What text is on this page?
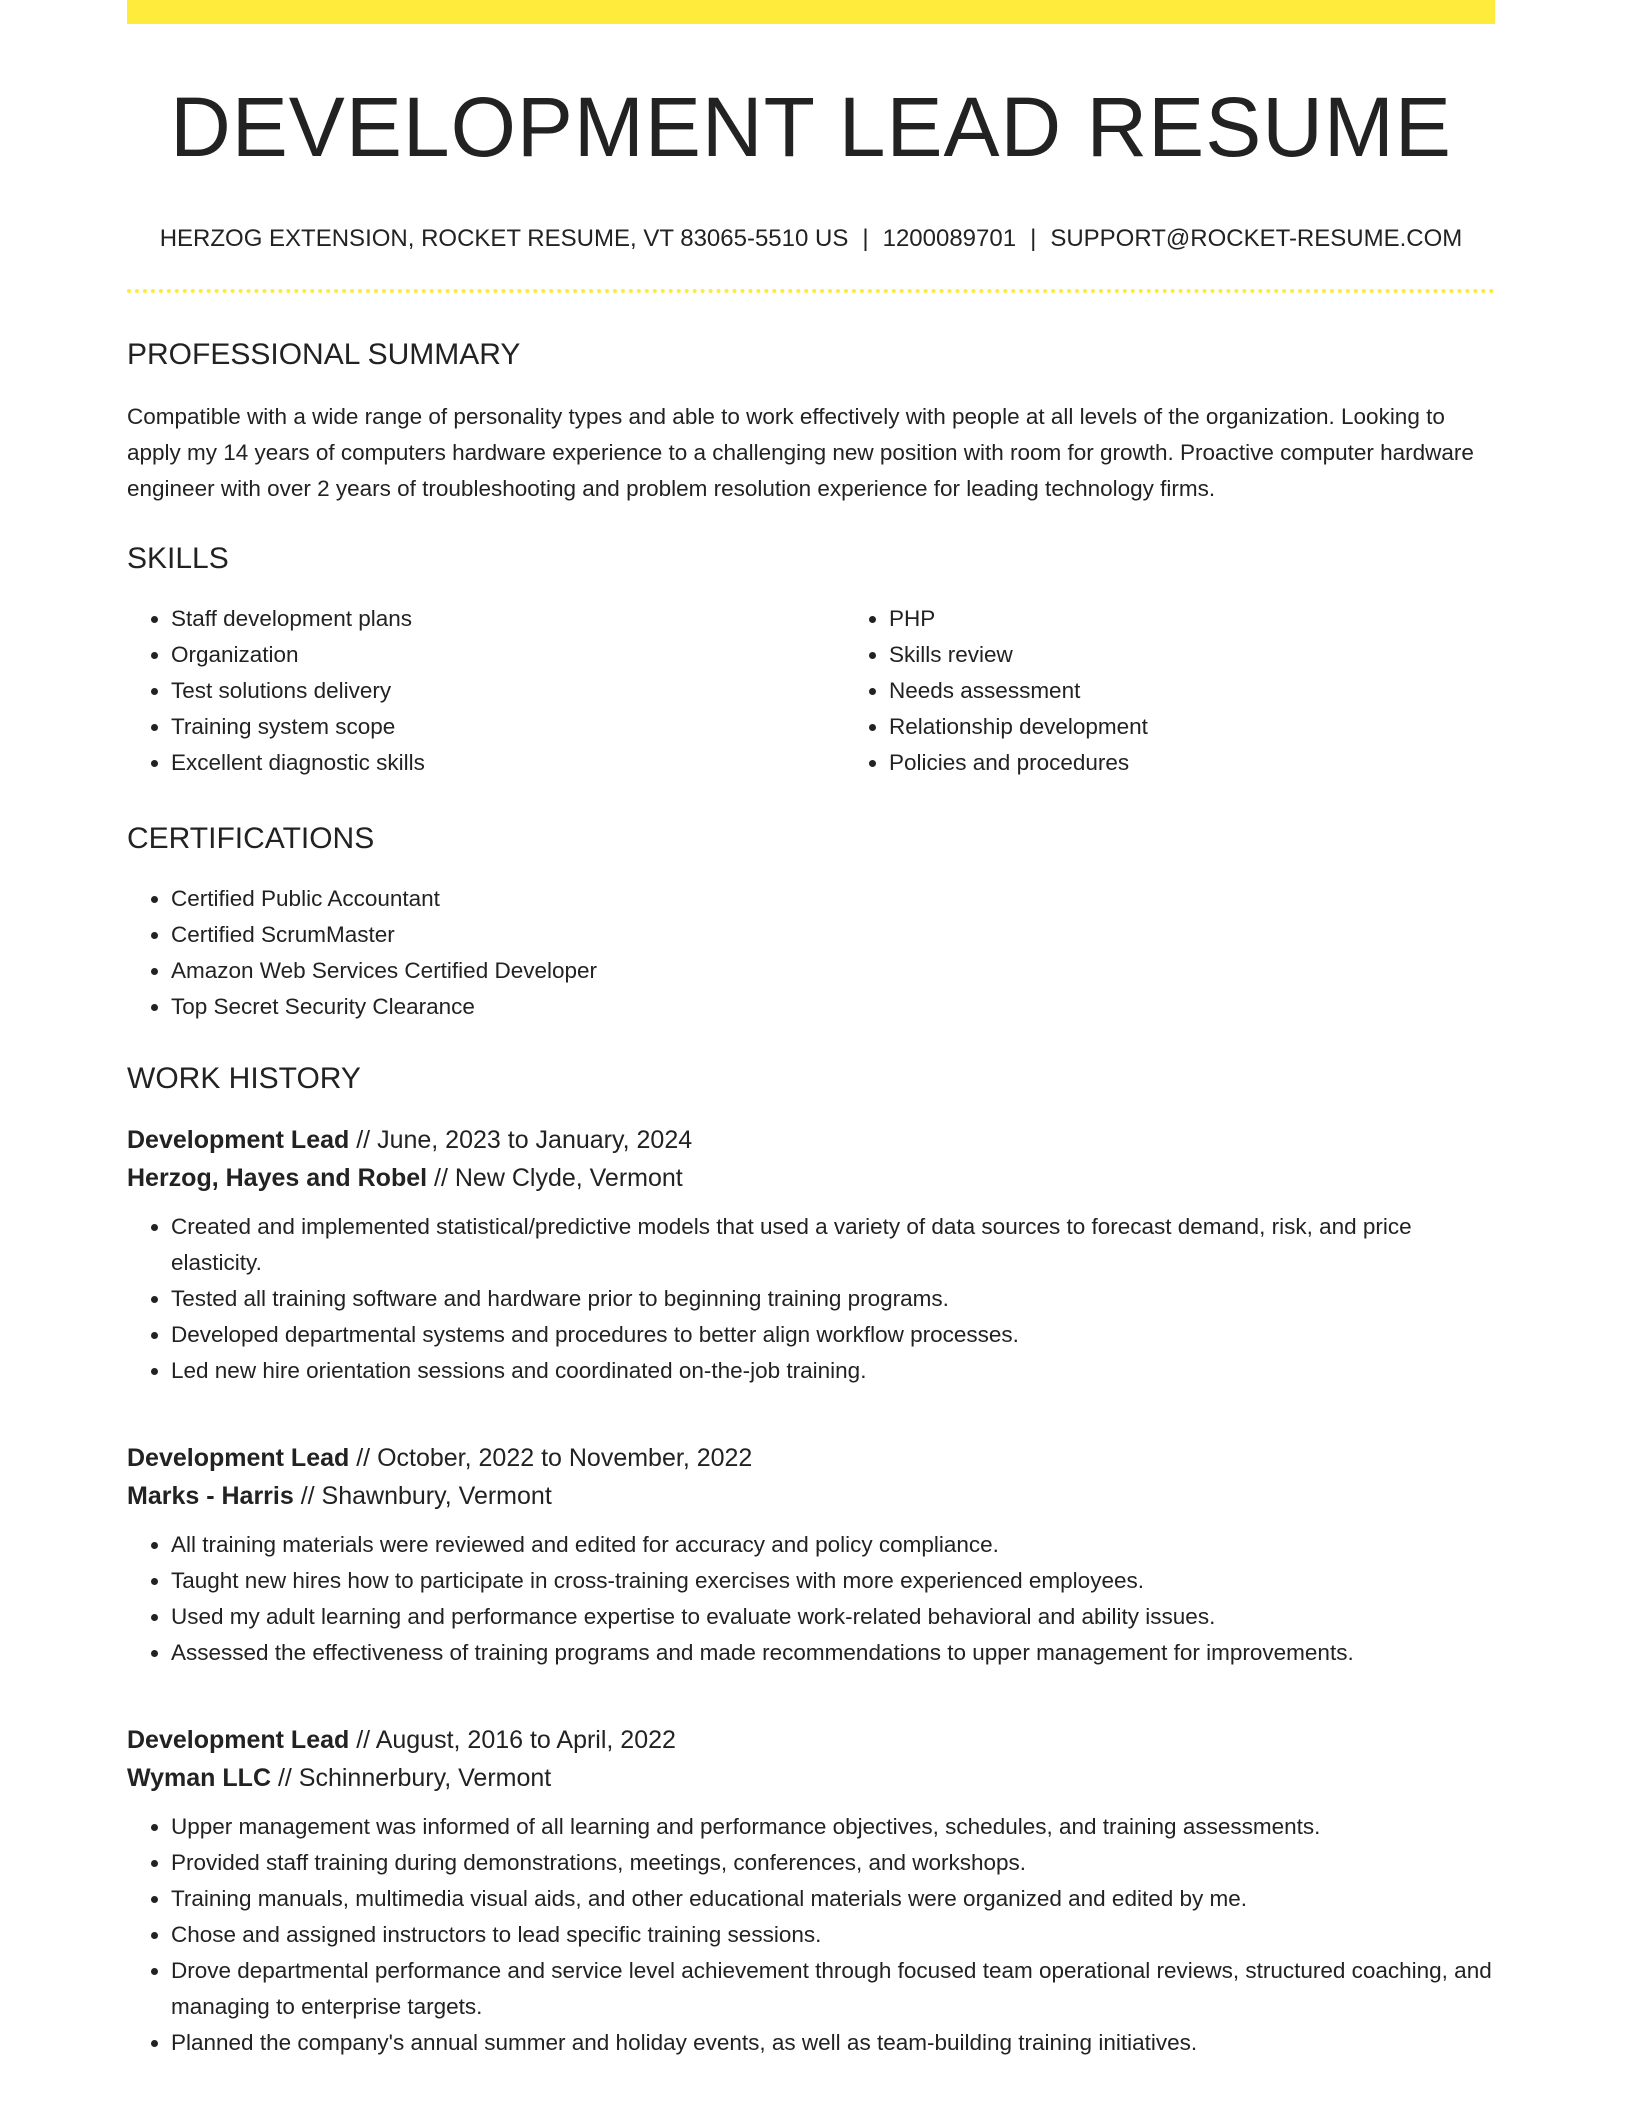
DEVELOPMENT LEAD RESUME
HERZOG EXTENSION, ROCKET RESUME, VT 83065-5510 US | 1200089701 | SUPPORT@ROCKET-RESUME.COM
PROFESSIONAL SUMMARY

Compatible with a wide range of personality types and able to work effectively with people at all levels of the organization. Looking to apply my 14 years of computers hardware experience to a challenging new position with room for growth. Proactive computer hardware engineer with over 2 years of troubleshooting and problem resolution experience for leading technology firms.

SKILLS
• Staff development plans
• Organization
• Test solutions delivery
• Training system scope
• Excellent diagnostic skills
• PHP
• Skills review
• Needs assessment
• Relationship development
• Policies and procedures
CERTIFICATIONS
• Certified Public Accountant
• Certified ScrumMaster
• Amazon Web Services Certified Developer
• Top Secret Security Clearance
WORK HISTORY
Development Lead // June, 2023 to January, 2024
Herzog, Hayes and Robel // New Clyde, Vermont
• Created and implemented statistical/predictive models that used a variety of data sources to forecast demand, risk, and price elasticity.
• Tested all training software and hardware prior to beginning training programs.
• Developed departmental systems and procedures to better align workflow processes.
• Led new hire orientation sessions and coordinated on-the-job training.
Development Lead // October, 2022 to November, 2022
Marks - Harris // Shawnbury, Vermont
• All training materials were reviewed and edited for accuracy and policy compliance.
• Taught new hires how to participate in cross-training exercises with more experienced employees.
• Used my adult learning and performance expertise to evaluate work-related behavioral and ability issues.
• Assessed the effectiveness of training programs and made recommendations to upper management for improvements.
Development Lead // August, 2016 to April, 2022
Wyman LLC // Schinnerbury, Vermont
• Upper management was informed of all learning and performance objectives, schedules, and training assessments.
• Provided staff training during demonstrations, meetings, conferences, and workshops.
• Training manuals, multimedia visual aids, and other educational materials were organized and edited by me.
• Chose and assigned instructors to lead specific training sessions.
• Drove departmental performance and service level achievement through focused team operational reviews, structured coaching, and managing to enterprise targets.
• Planned the company's annual summer and holiday events, as well as team-building training initiatives.
